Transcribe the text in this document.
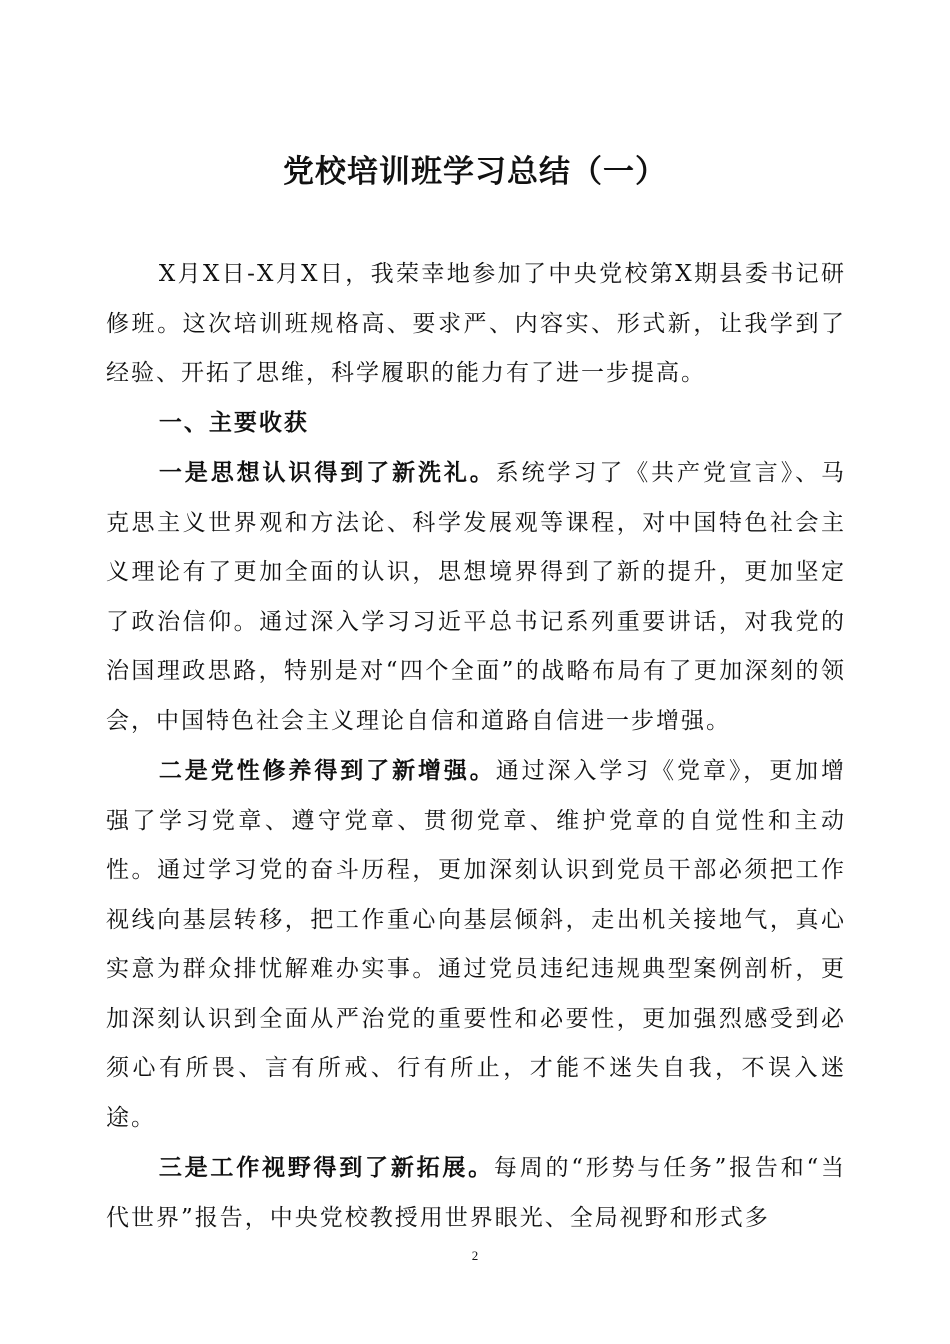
党校培训班学习总结（一）

X月X日-X月X日，我荣幸地参加了中央党校第X期县委书记研修班。这次培训班规格高、要求严、内容实、形式新，让我学到了经验、开拓了思维，科学履职的能力有了进一步提高。

一、主要收获

一是思想认识得到了新洗礼。系统学习了《共产党宣言》、马克思主义世界观和方法论、科学发展观等课程，对中国特色社会主义理论有了更加全面的认识，思想境界得到了新的提升，更加坚定了政治信仰。通过深入学习习近平总书记系列重要讲话，对我党的治国理政思路，特别是对“四个全面”的战略布局有了更加深刻的领会，中国特色社会主义理论自信和道路自信进一步增强。

二是党性修养得到了新增强。通过深入学习《党章》，更加增强了学习党章、遵守党章、贯彻党章、维护党章的自觉性和主动性。通过学习党的奋斗历程，更加深刻认识到党员干部必须把工作视线向基层转移，把工作重心向基层倾斜，走出机关接地气，真心实意为群众排忧解难办实事。通过党员违纪违规典型案例剖析，更加深刻认识到全面从严治党的重要性和必要性，更加强烈感受到必须心有所畏、言有所戒、行有所止，才能不迷失自我，不误入迷途。

三是工作视野得到了新拓展。每周的“形势与任务”报告和“当代世界”报告，中央党校教授用世界眼光、全局视野和形式多

2
